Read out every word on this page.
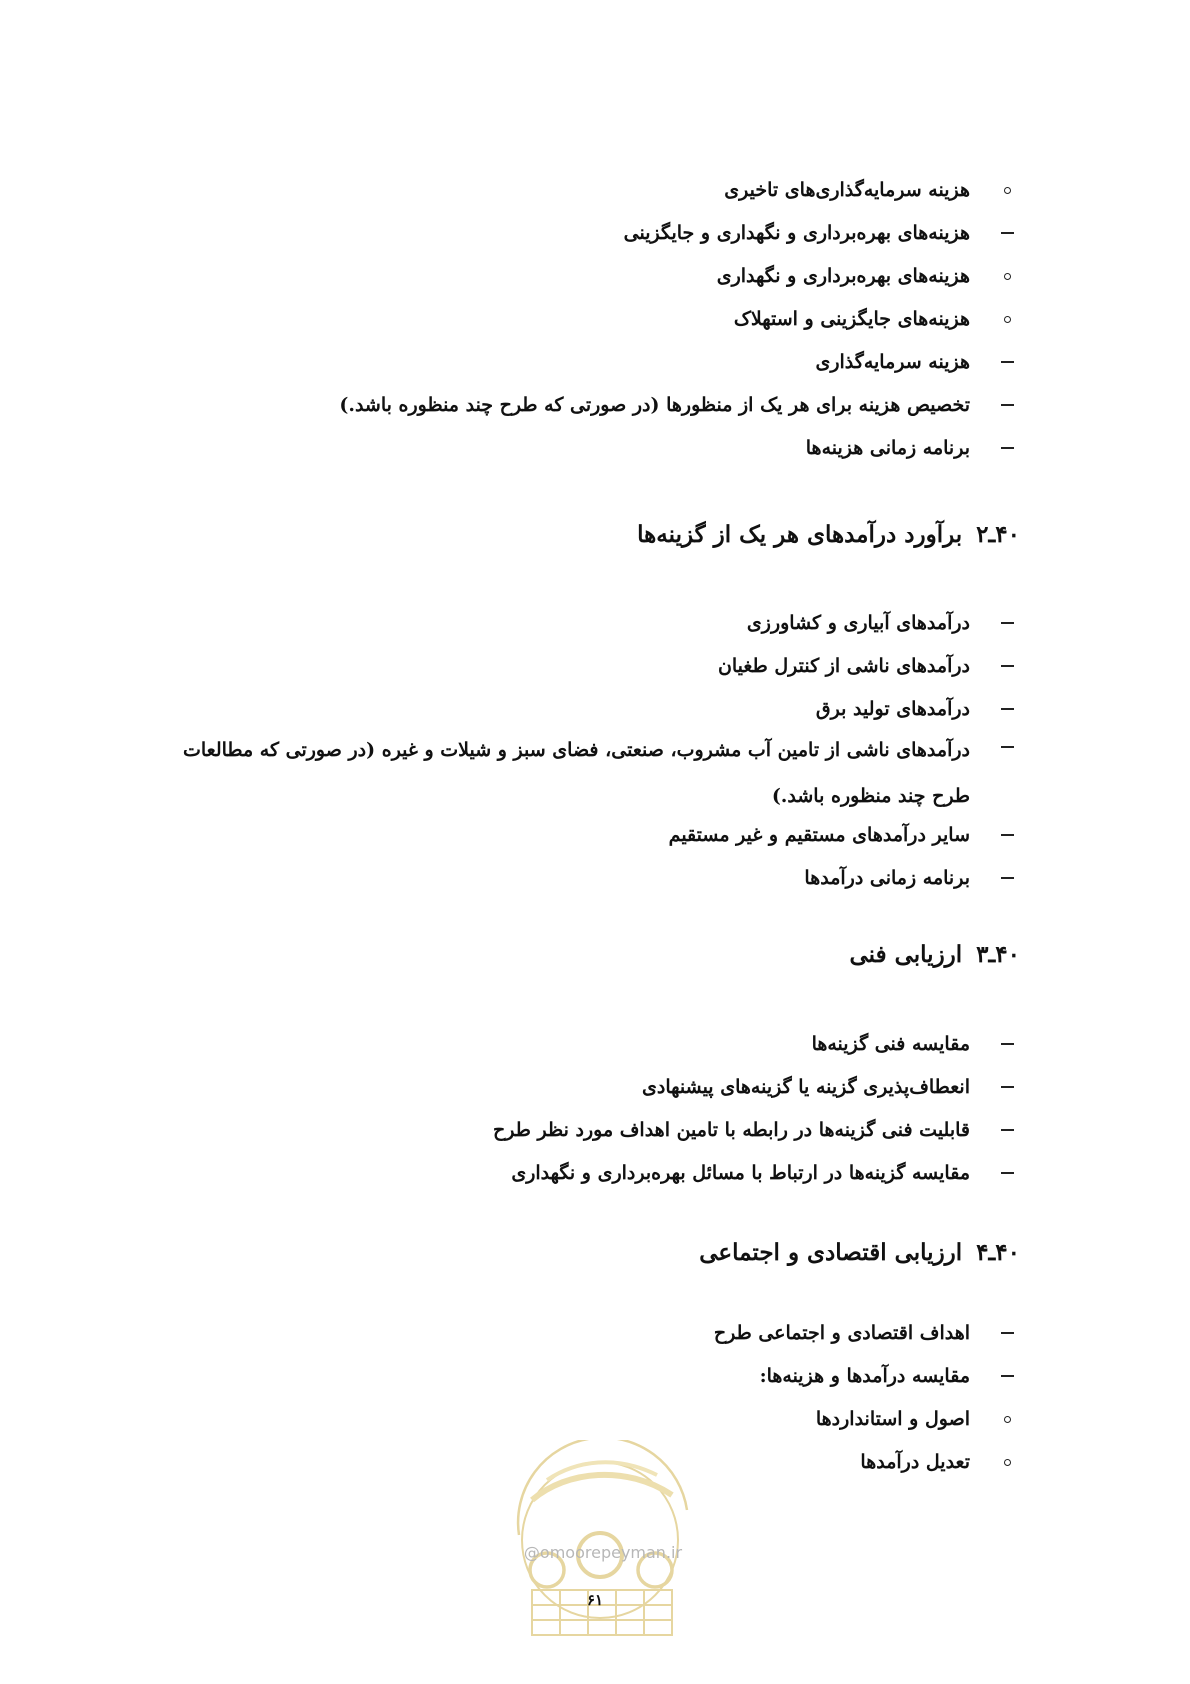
هزینه سرمایه‌گذاری‌های تاخیری
هزینه‌های بهره‌برداری و نگهداری و جایگزینی
هزینه‌های بهره‌برداری و نگهداری
هزینه‌های جایگزینی و استهلاک
هزینه سرمایه‌گذاری
تخصیص هزینه برای هر یک از منظورها (در صورتی که طرح چند منظوره باشد.)
برنامه زمانی هزینه‌ها
۴۰ـ۲برآورد درآمدهای هر یک از گزینه‌ها
درآمدهای آبیاری و کشاورزی
درآمدهای ناشی از کنترل طغیان
درآمدهای تولید برق
درآمدهای ناشی از تامین آب مشروب، صنعتی، فضای سبز و شیلات و غیره (در صورتی که مطالعات طرح چند منظوره باشد.)
سایر درآمدهای مستقیم و غیر مستقیم
برنامه زمانی درآمدها
۴۰ـ۳ارزیابی فنی
مقایسه فنی گزینه‌ها
انعطاف‌پذیری گزینه یا گزینه‌های پیشنهادی
قابلیت فنی گزینه‌ها در رابطه با تامین اهداف مورد نظر طرح
مقایسه گزینه‌ها در ارتباط با مسائل بهره‌برداری و نگهداری
۴۰ـ۴ارزیابی اقتصادی و اجتماعی
اهداف اقتصادی و اجتماعی طرح
مقایسه درآمدها و هزینه‌ها:
اصول و استانداردها
تعدیل درآمدها
@omoorepeyman.ir
۶۱
